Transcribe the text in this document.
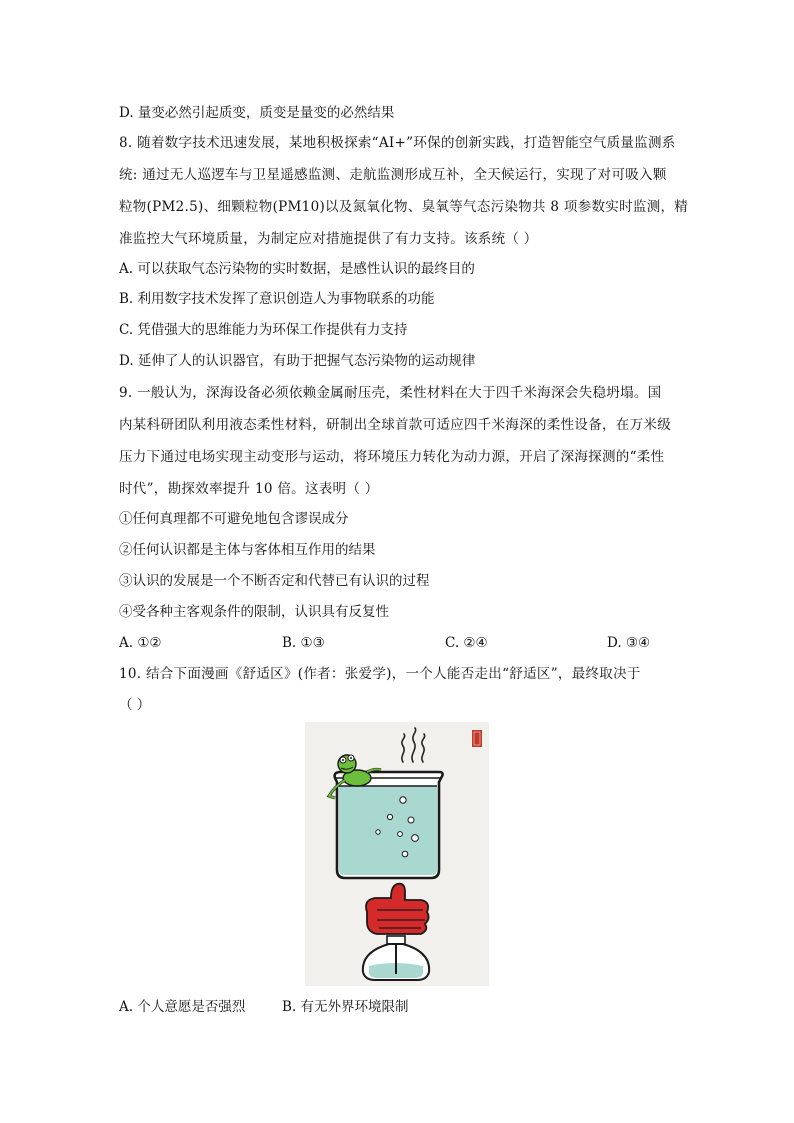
D. 量变必然引起质变，质变是量变的必然结果
8. 随着数字技术迅速发展，某地积极探索“AI+”环保的创新实践，打造智能空气质量监测系
统: 通过无人巡逻车与卫星遥感监测、走航监测形成互补，全天候运行，实现了对可吸入颗
粒物(PM2.5)、细颗粒物(PM10)以及氮氧化物、臭氧等气态污染物共 8 项参数实时监测，精
准监控大气环境质量，为制定应对措施提供了有力支持。该系统（ ）
A. 可以获取气态污染物的实时数据，是感性认识的最终目的
B. 利用数字技术发挥了意识创造人为事物联系的功能
C. 凭借强大的思维能力为环保工作提供有力支持
D. 延伸了人的认识器官，有助于把握气态污染物的运动规律
9. 一般认为，深海设备必须依赖金属耐压壳，柔性材料在大于四千米海深会失稳坍塌。国
内某科研团队利用液态柔性材料，研制出全球首款可适应四千米海深的柔性设备，在万米级
压力下通过电场实现主动变形与运动，将环境压力转化为动力源，开启了深海探测的“柔性
时代”，勘探效率提升 10 倍。这表明（ ）
①任何真理都不可避免地包含谬误成分
②任何认识都是主体与客体相互作用的结果
③认识的发展是一个不断否定和代替已有认识的过程
④受各种主客观条件的限制，认识具有反复性
A. ①②	B. ①③	C. ②④	D. ③④
10. 结合下面漫画《舒适区》(作者：张爱学)，一个人能否走出“舒适区”，最终取决于
（ ）
A. 个人意愿是否强烈	B. 有无外界环境限制
